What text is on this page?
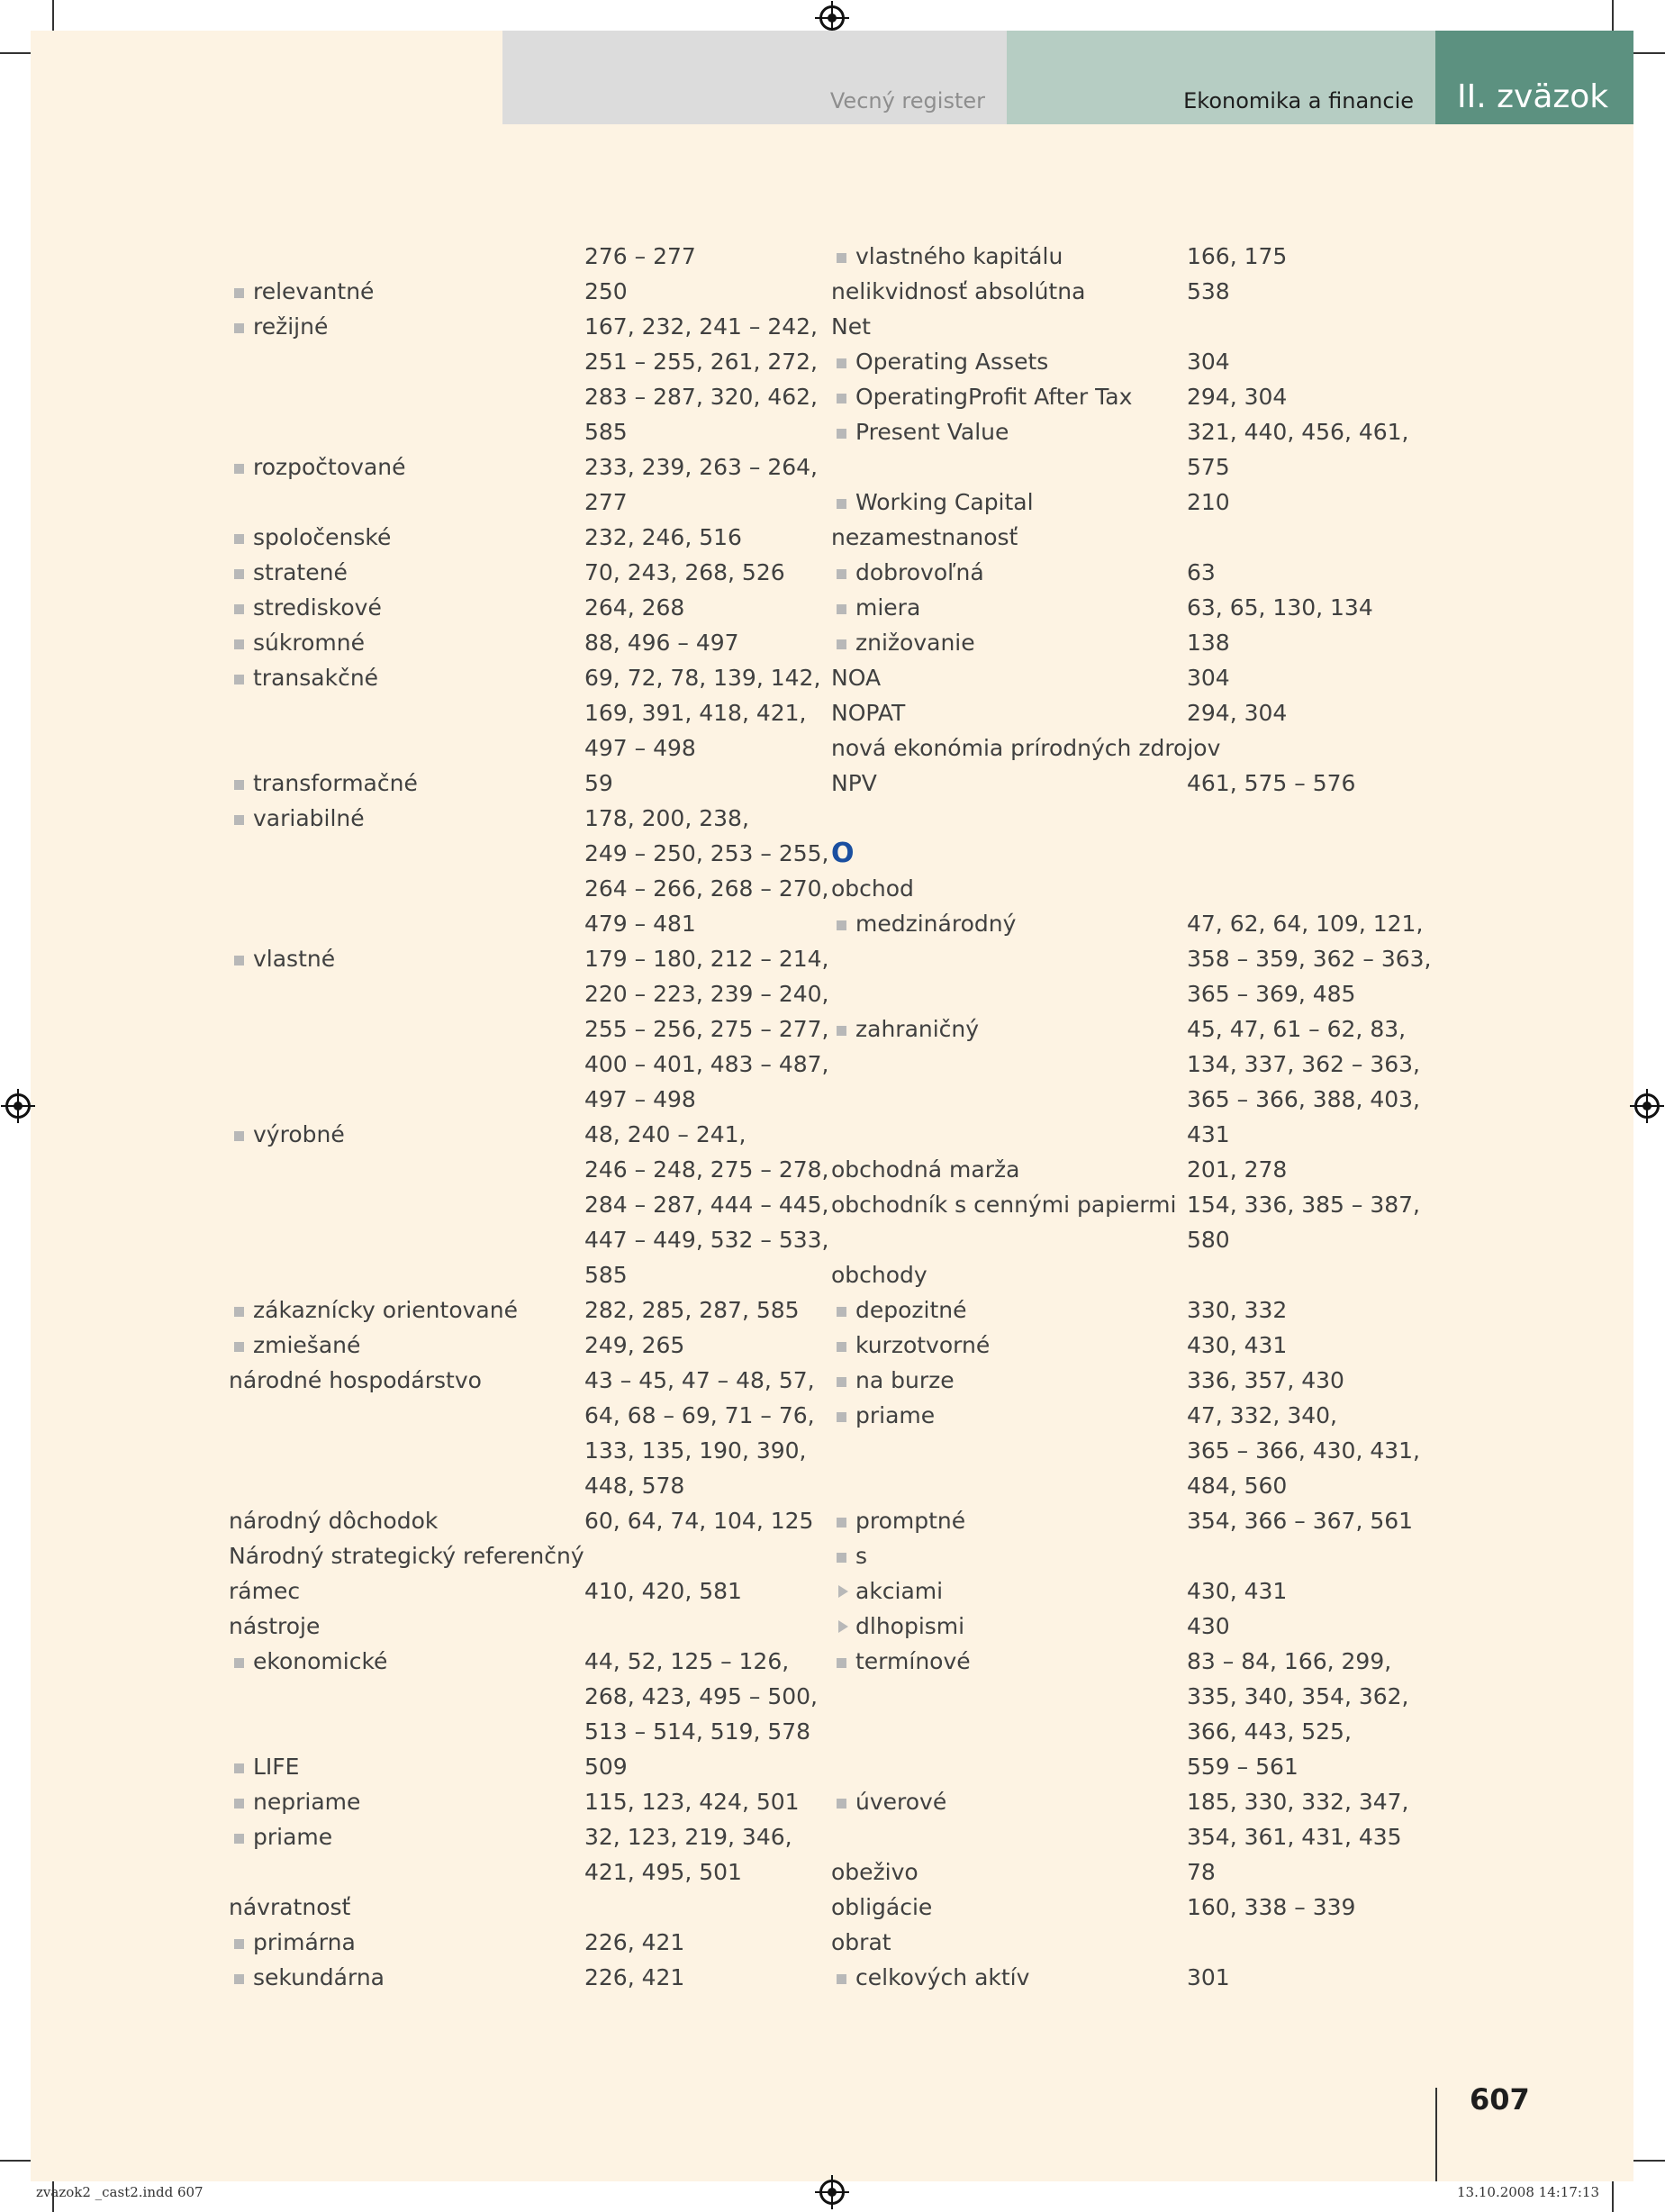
Vecný register	Ekonomika a financie II. zväzok
276 – 277
relevantné	250
režijné	167, 232, 241 – 242,
251 – 255, 261, 272,
283 – 287, 320, 462,
585
rozpočtované	233, 239, 263 – 264,
277
spoločenské	232, 246, 516
stratené	70, 243, 268, 526
strediskové	264, 268
súkromné	88, 496 – 497
transakčné	69, 72, 78, 139, 142,
169, 391, 418, 421,
497 – 498
transformačné	59
variabilné	178, 200, 238,
249 – 250, 253 – 255,
264 – 266, 268 – 270,
479 – 481
vlastné	179 – 180, 212 – 214,
220 – 223, 239 – 240,
255 – 256, 275 – 277,
400 – 401, 483 – 487,
497 – 498
výrobné	48, 240 – 241,
246 – 248, 275 – 278,
284 – 287, 444 – 445,
447 – 449, 532 – 533,
585
zákaznícky orientované	282, 285, 287, 585
zmiešané	249, 265
národné hospodárstvo	43 – 45, 47 – 48, 57,
64, 68 – 69, 71 – 76,
133, 135, 190, 390,
448, 578
národný dôchodok	60, 64, 74, 104, 125
Národný strategický referenčný
rámec	410, 420, 581
nástroje
ekonomické	44, 52, 125 – 126,
268, 423, 495 – 500,
513 – 514, 519, 578
LIFE	509
nepriame	115, 123, 424, 501
priame	32, 123, 219, 346,
421, 495, 501
návratnosť
primárna	226, 421
sekundárna	226, 421
vlastného kapitálu	166, 175
nelikvidnosť absolútna	538
Net
Operating Assets	304
OperatingProfit After Tax 294, 304
Present Value	321, 440, 456, 461,
575
Working Capital	210
nezamestnanosť
dobrovoľná	63
miera	63, 65, 130, 134
znižovanie	138
NOA	304
NOPAT	294, 304
nová ekonómia prírodných zdrojov
NPV	461, 575 – 576
O
obchod
medzinárodný	47, 62, 64, 109, 121,
358 – 359, 362 – 363,
365 – 369, 485
zahraničný	45, 47, 61 – 62, 83,
134, 337, 362 – 363,
365 – 366, 388, 403,
431
obchodná marža	201, 278
obchodník s cennými papiermi 154, 336, 385 – 387,
580
obchody
depozitné	330, 332
kurzotvorné	430, 431
na burze	336, 357, 430
priame	47, 332, 340,
365 – 366, 430, 431,
484, 560
promptné	354, 366 – 367, 561
s
akciami	430, 431
dlhopismi	430
termínové	83 – 84, 166, 299,
335, 340, 354, 362,
366, 443, 525,
559 – 561
úverové	185, 330, 332, 347,
354, 361, 431, 435
obeživo	78
obligácie	160, 338 – 339
obrat
celkových aktív	301
607
zvazok2 _cast2.indd 607	13.10.2008 14:17:13
